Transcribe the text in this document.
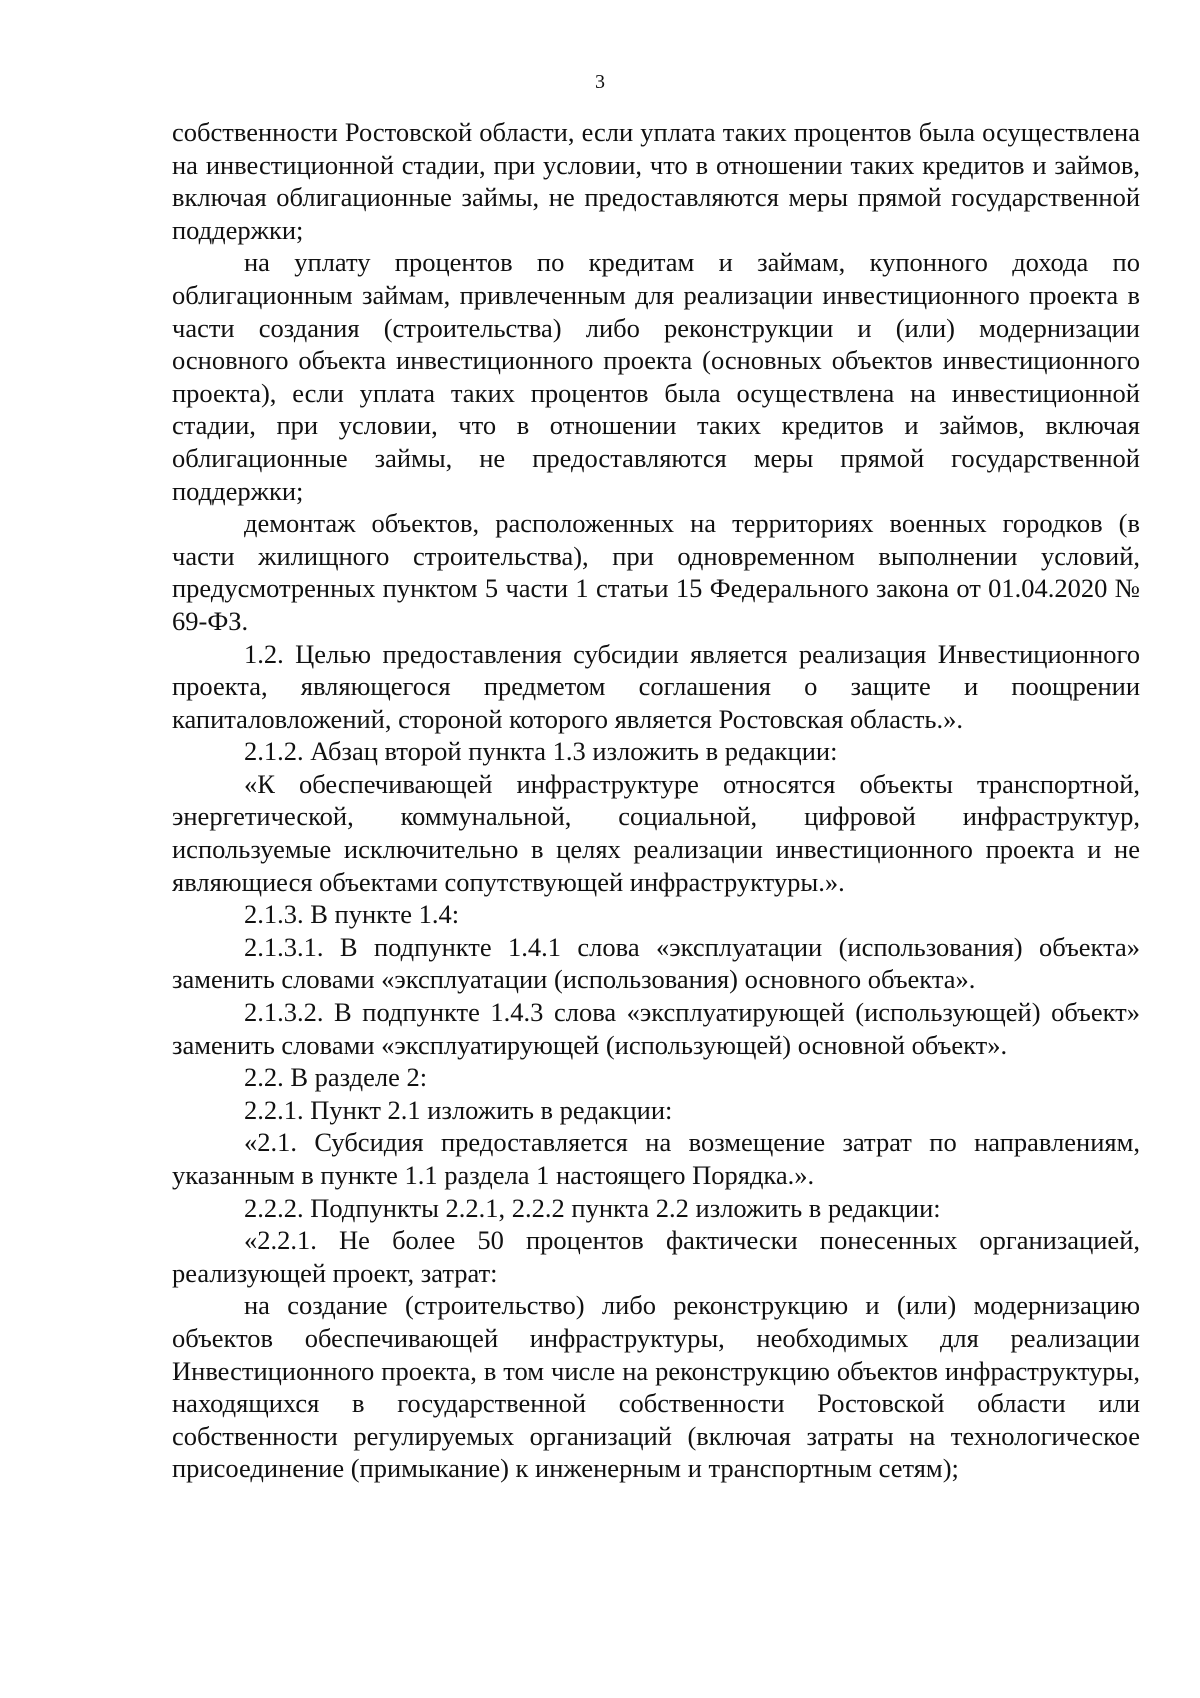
3

собственности Ростовской области, если уплата таких процентов была осуществлена на инвестиционной стадии, при условии, что в отношении таких кредитов и займов, включая облигационные займы, не предоставляются меры прямой государственной поддержки;

на уплату процентов по кредитам и займам, купонного дохода по облигационным займам, привлеченным для реализации инвестиционного проекта в части создания (строительства) либо реконструкции и (или) модернизации основного объекта инвестиционного проекта (основных объектов инвестиционного проекта), если уплата таких процентов была осуществлена на инвестиционной стадии, при условии, что в отношении таких кредитов и займов, включая облигационные займы, не предоставляются меры прямой государственной поддержки;

демонтаж объектов, расположенных на территориях военных городков (в части жилищного строительства), при одновременном выполнении условий, предусмотренных пунктом 5 части 1 статьи 15 Федерального закона от 01.04.2020 № 69-ФЗ.

1.2. Целью предоставления субсидии является реализация Инвестиционного проекта, являющегося предметом соглашения о защите и поощрении капиталовложений, стороной которого является Ростовская область.».

2.1.2. Абзац второй пункта 1.3 изложить в редакции:

«К обеспечивающей инфраструктуре относятся объекты транспортной, энергетической, коммунальной, социальной, цифровой инфраструктур, используемые исключительно в целях реализации инвестиционного проекта и не являющиеся объектами сопутствующей инфраструктуры.».

2.1.3. В пункте 1.4:

2.1.3.1. В подпункте 1.4.1 слова «эксплуатации (использования) объекта» заменить словами «эксплуатации (использования) основного объекта».

2.1.3.2. В подпункте 1.4.3 слова «эксплуатирующей (использующей) объект» заменить словами «эксплуатирующей (использующей) основной объект».

2.2. В разделе 2:

2.2.1. Пункт 2.1 изложить в редакции:

«2.1. Субсидия предоставляется на возмещение затрат по направлениям, указанным в пункте 1.1 раздела 1 настоящего Порядка.».

2.2.2. Подпункты 2.2.1, 2.2.2 пункта 2.2 изложить в редакции:

«2.2.1. Не более 50 процентов фактически понесенных организацией, реализующей проект, затрат:

на создание (строительство) либо реконструкцию и (или) модернизацию объектов обеспечивающей инфраструктуры, необходимых для реализации Инвестиционного проекта, в том числе на реконструкцию объектов инфраструктуры, находящихся в государственной собственности Ростовской области или собственности регулируемых организаций (включая затраты на технологическое присоединение (примыкание) к инженерным и транспортным сетям);
